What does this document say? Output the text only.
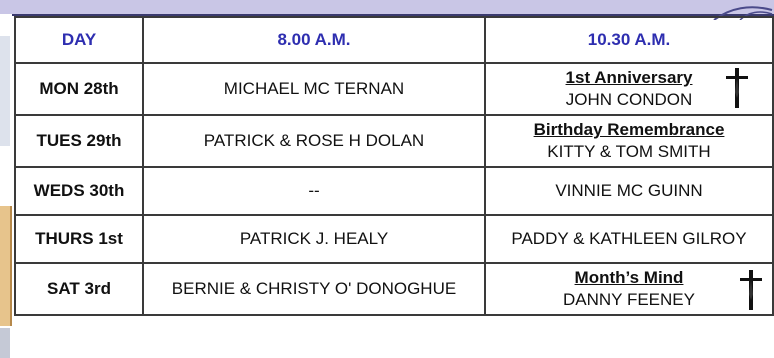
DAY	8.00 A.M.	10.30 A.M.
MON 28th	MICHAEL MC TERNAN	1st Anniversary
JOHN CONDON

TUES 29th	PATRICK & ROSE H DOLAN	Birthday Remembrance
KITTY & TOM SMITH

WEDS 30th	--	VINNIE MC GUINN
THURS 1st	PATRICK J. HEALY	PADDY & KATHLEEN GILROY
SAT 3rd	BERNIE & CHRISTY O' DONOGHUE	Month’s Mind
DANNY FEENEY
